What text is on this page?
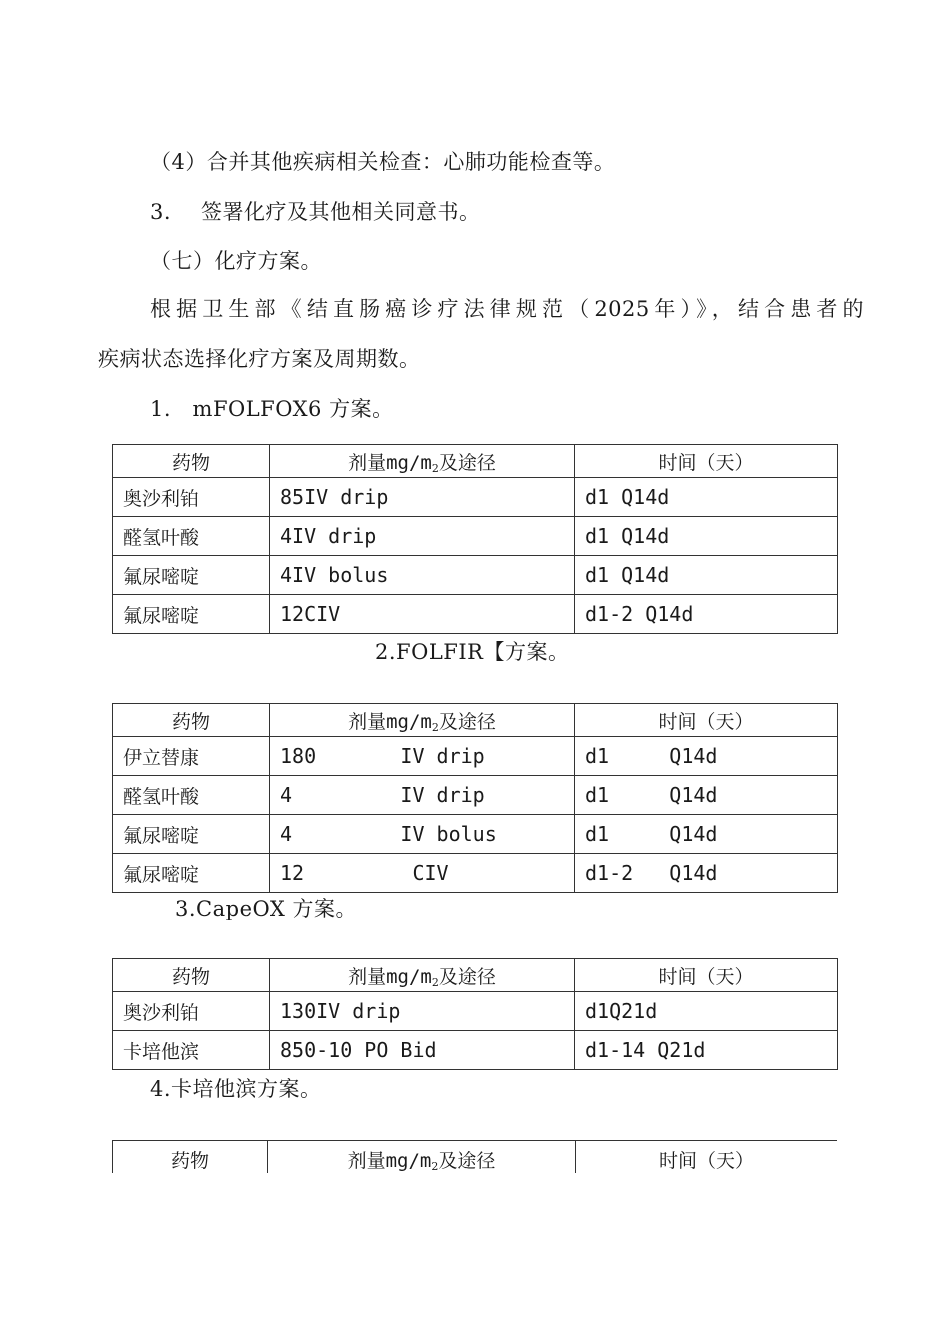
（4）合并其他疾病相关检查：心肺功能检查等。

3. 签署化疗及其他相关同意书。

（七）化疗方案。

根据卫生部《结直肠癌诊疗法律规范（2025年）》，结合患者的

疾病状态选择化疗方案及周期数。

1.　mFOLFOX6 方案。

药物	剂量mg/m2及途径	时间（天）
奥沙利铂	85IV drip	d1 Q14d
醛氢叶酸	4IV drip	d1 Q14d
氟尿嘧啶	4IV bolus	d1 Q14d
氟尿嘧啶	12CIV	d1-2 Q14d

2.FOLFIR【方案。

药物	剂量mg/m2及途径	时间（天）
伊立替康	180       IV drip	d1     Q14d
醛氢叶酸	4         IV drip	d1     Q14d
氟尿嘧啶	4         IV bolus	d1     Q14d
氟尿嘧啶	12         CIV	d1-2   Q14d

3.CapeOX 方案。

药物	剂量mg/m2及途径	时间（天）
奥沙利铂	130IV drip	d1Q21d
卡培他滨	850-10 PO Bid	d1-14 Q21d

4.卡培他滨方案。

药物	剂量mg/m2及途径	时间（天）
